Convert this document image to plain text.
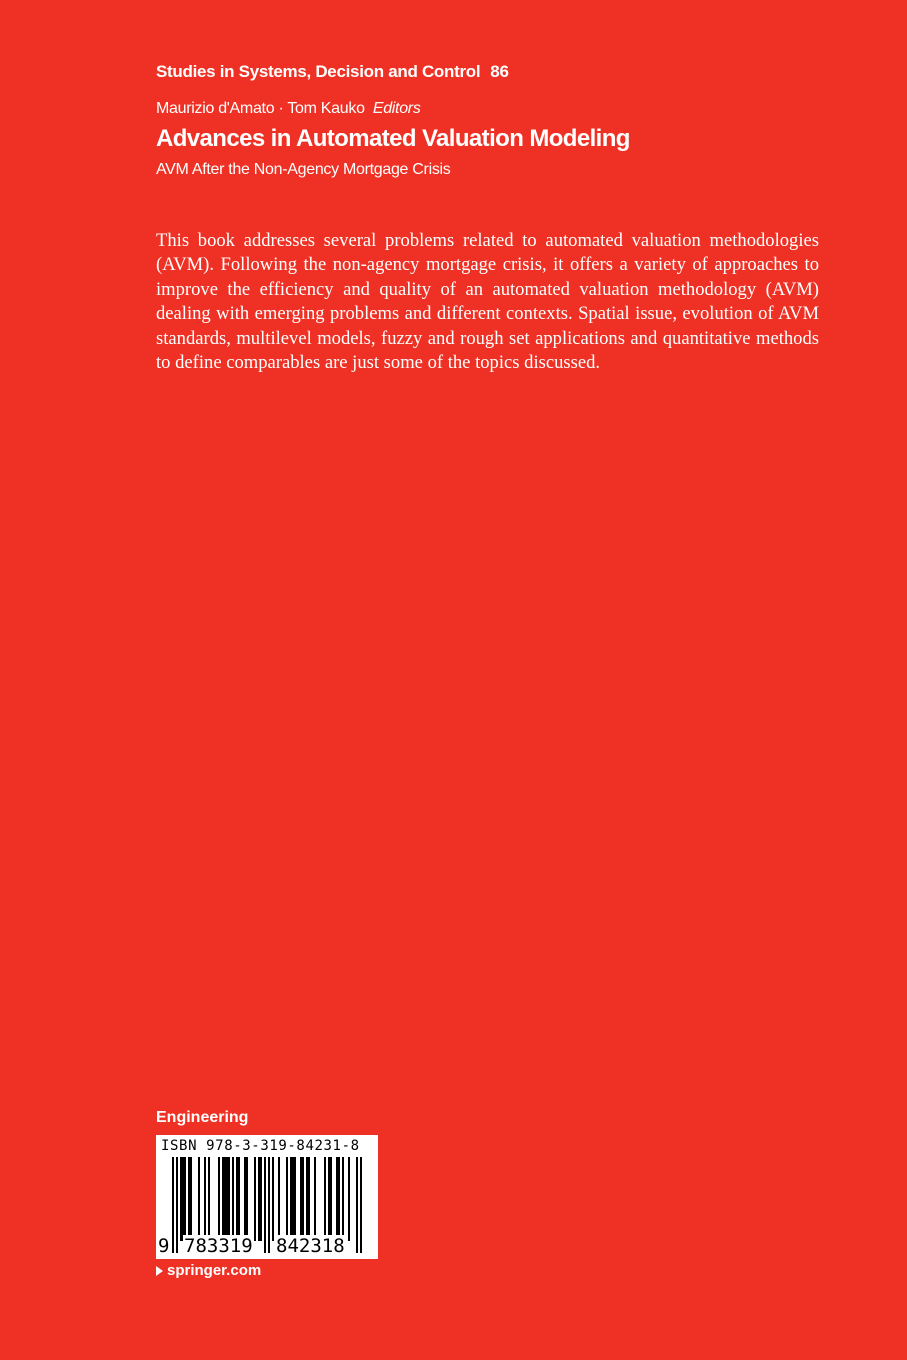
Studies in Systems, Decision and Control 86
Maurizio d'Amato · Tom Kauko Editors
Advances in Automated Valuation Modeling
AVM After the Non-Agency Mortgage Crisis

This book addresses several problems related to automated valuation methodologies (AVM). Following the non-agency mortgage crisis, it offers a variety of approaches to improve the efficiency and quality of an automated valuation methodology (AVM) dealing with emerging problems and different contexts. Spatial issue, evolution of AVM standards, multilevel models, fuzzy and rough set applications and quantitative methods to define comparables are just some of the topics discussed.

Engineering
ISBN 978-3-319-84231-8
9 783319 842318
springer.com
